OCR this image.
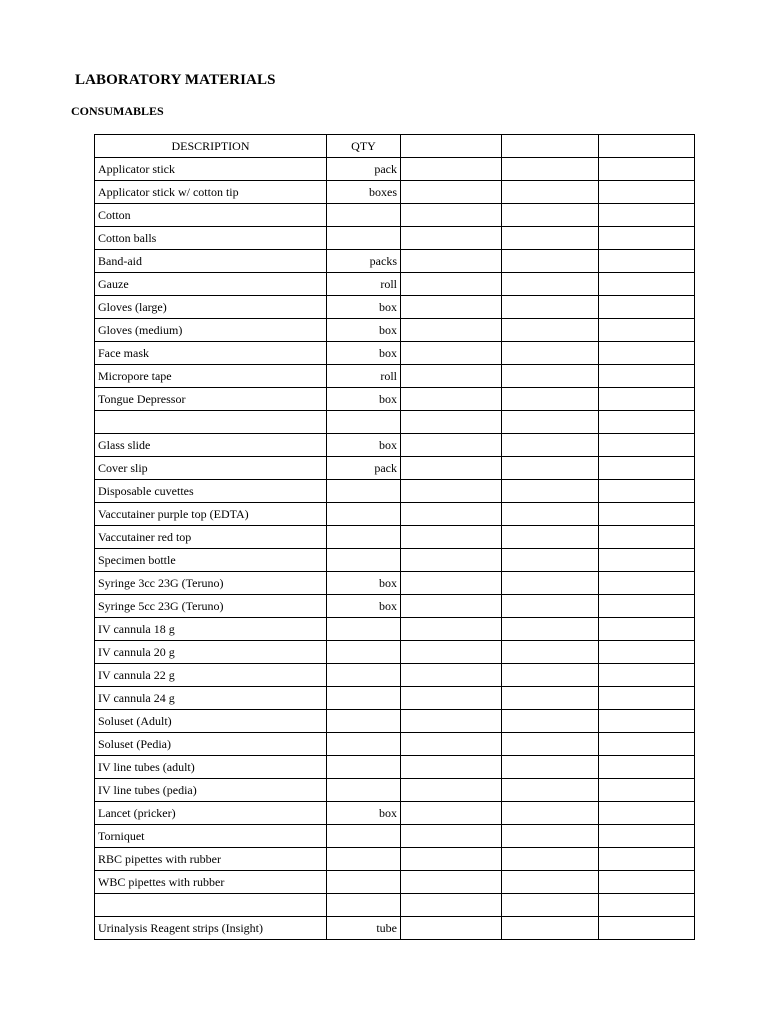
LABORATORY MATERIALS
CONSUMABLES
DESCRIPTION	QTY			
Applicator stick	pack			
Applicator stick w/ cotton tip	boxes			
Cotton				
Cotton balls				
Band-aid	packs			
Gauze	roll			
Gloves (large)	box			
Gloves (medium)	box			
Face mask	box			
Micropore tape	roll			
Tongue Depressor	box			

Glass slide	box			
Cover slip	pack			
Disposable cuvettes				
Vaccutainer purple top (EDTA)				
Vaccutainer red top				
Specimen bottle				
Syringe 3cc 23G (Teruno)	box			
Syringe 5cc 23G (Teruno)	box			
IV cannula 18 g				
IV cannula 20 g				
IV cannula 22 g				
IV cannula 24 g				
Soluset (Adult)				
Soluset (Pedia)				
IV line tubes (adult)				
IV line tubes (pedia)				
Lancet (pricker)	box			
Torniquet				
RBC pipettes with rubber				
WBC pipettes with rubber				

Urinalysis Reagent strips (Insight)	tube			
